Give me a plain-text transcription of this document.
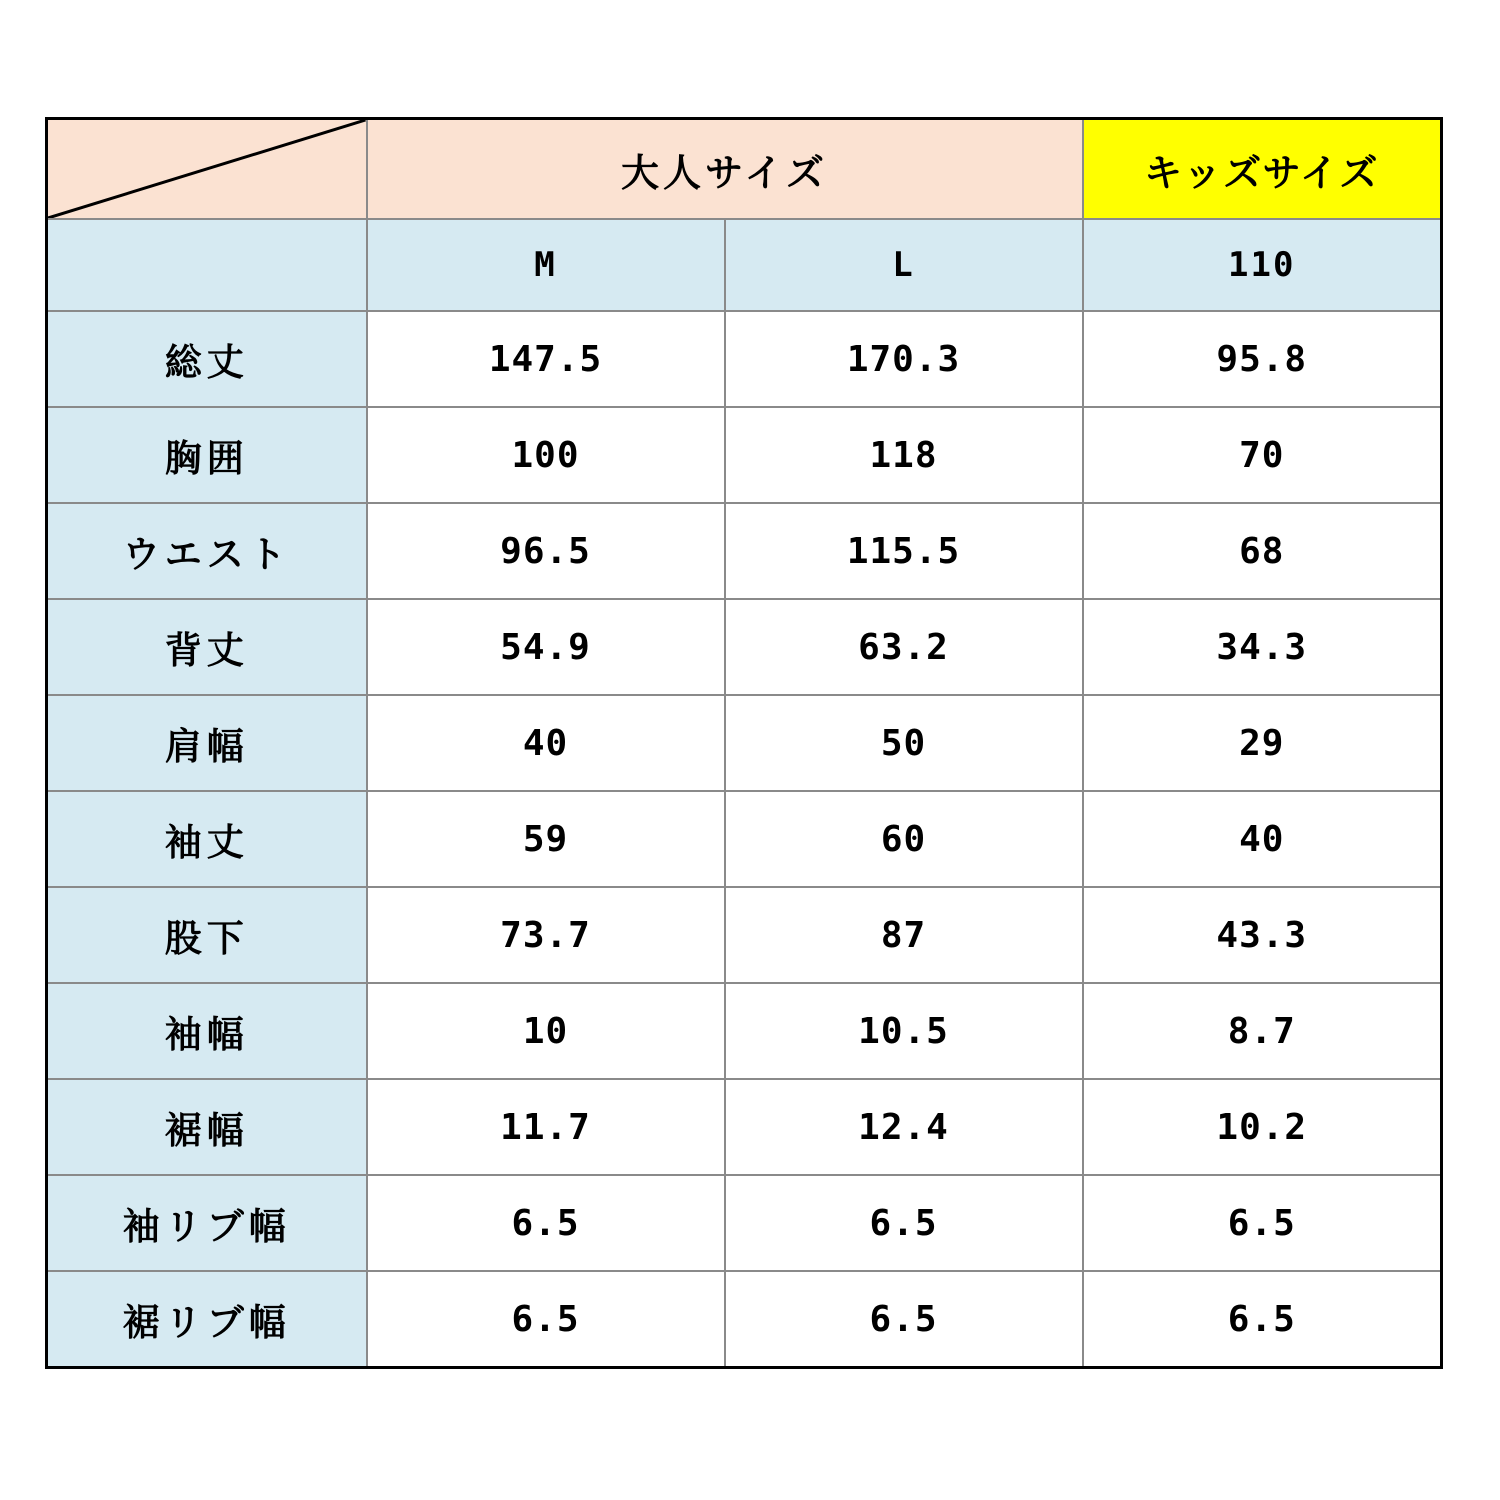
	大人サイズ		キッズサイズ
	M	L	110
総丈	147.5	170.3	95.8
胸囲	100	118	70
ウエスト	96.5	115.5	68
背丈	54.9	63.2	34.3
肩幅	40	50	29
袖丈	59	60	40
股下	73.7	87	43.3
袖幅	10	10.5	8.7
裾幅	11.7	12.4	10.2
袖リブ幅	6.5	6.5	6.5
裾リブ幅	6.5	6.5	6.5
